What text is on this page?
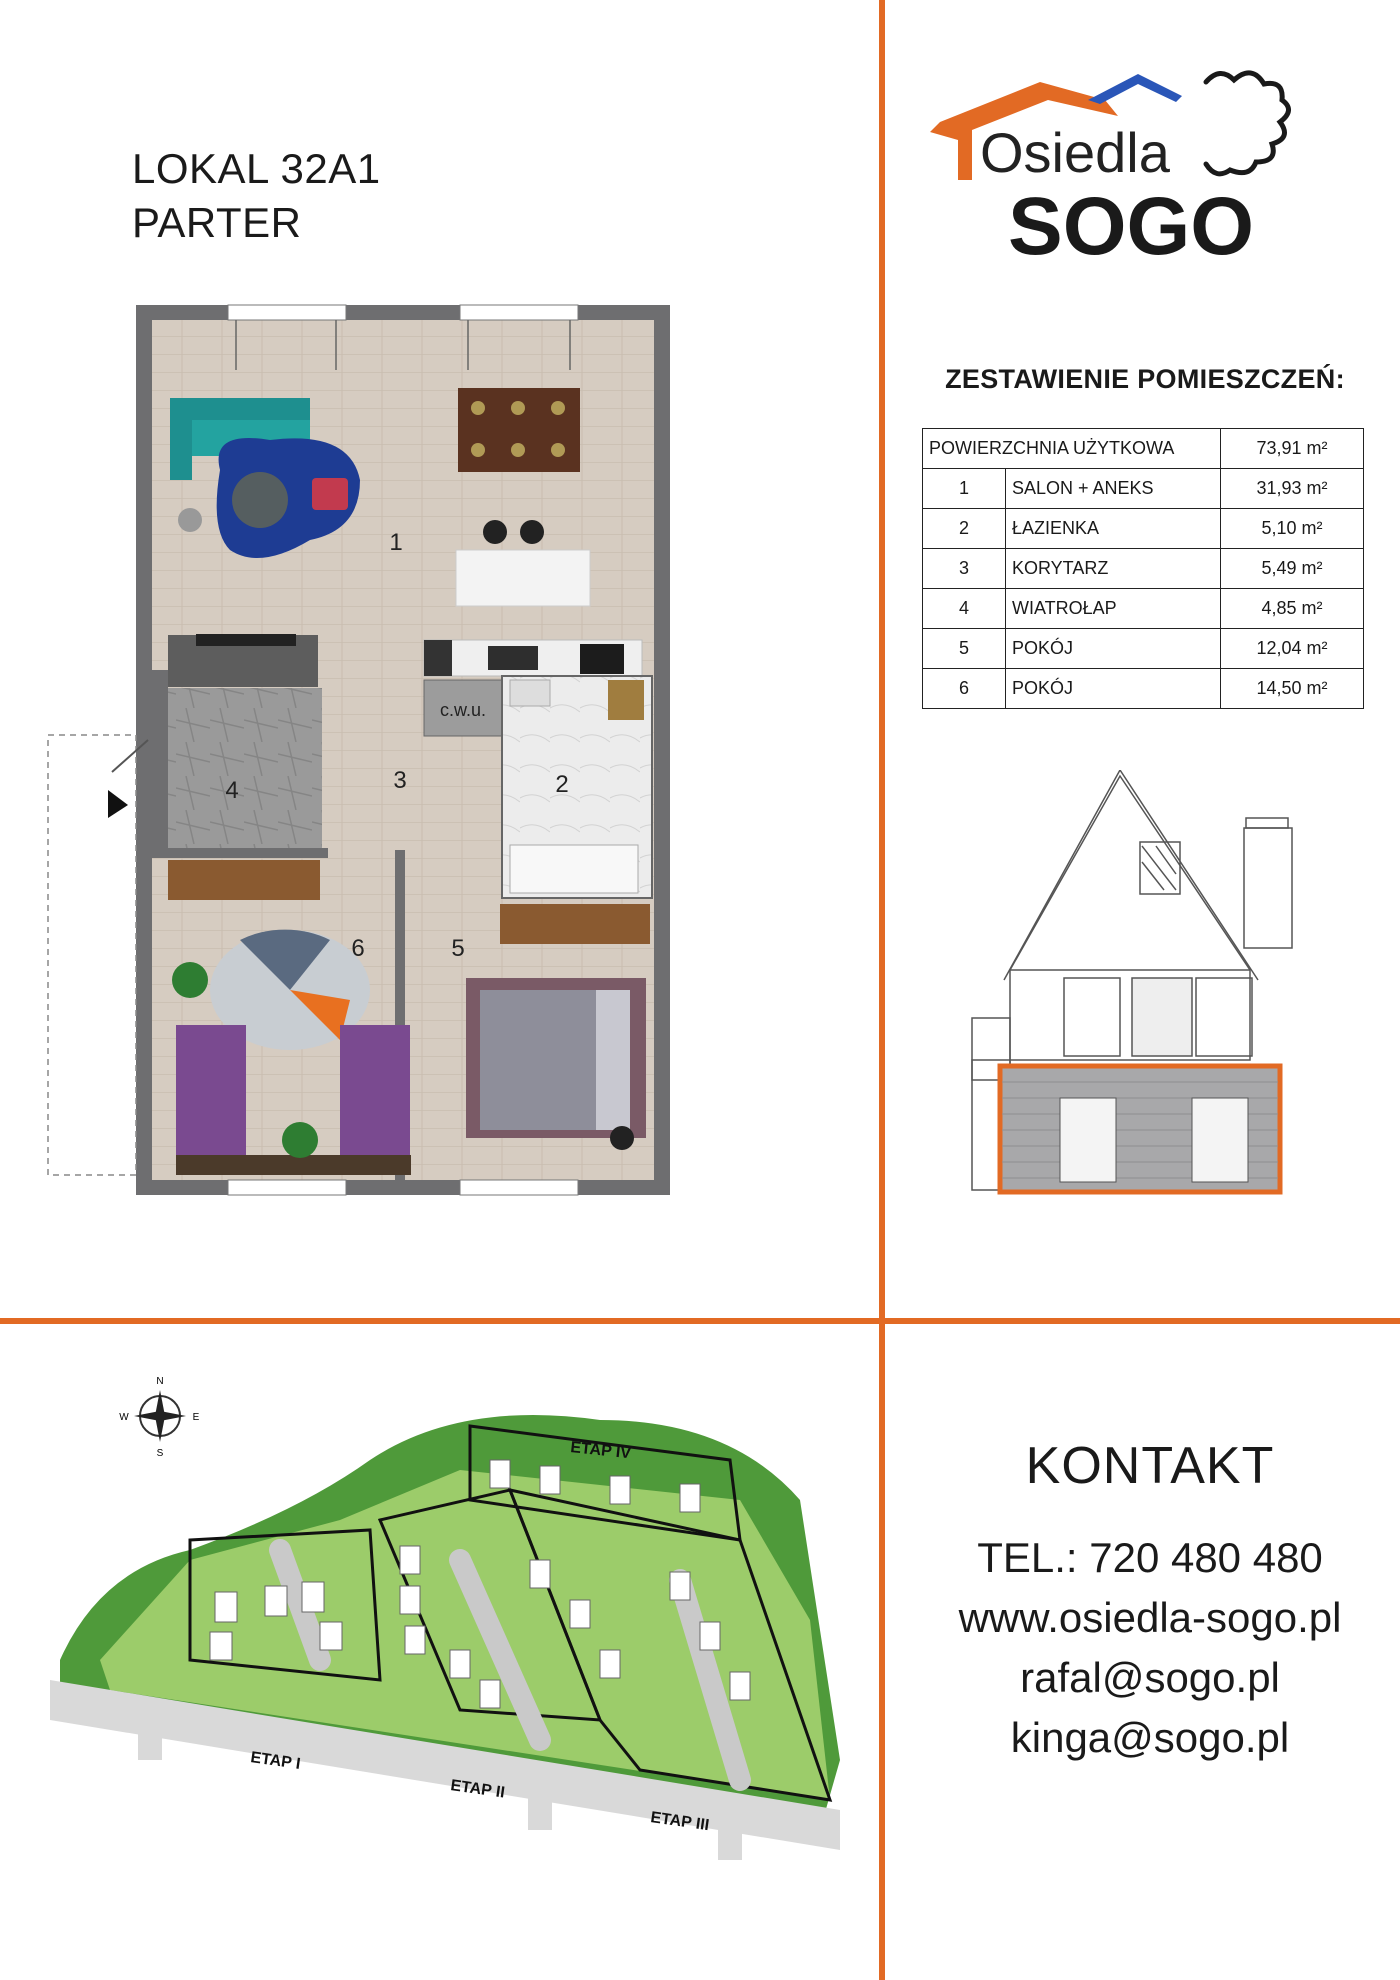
LOKAL 32A1
PARTER
c.w.u.
1
2
3
4
5
6
Osiedla
SOGO
ZESTAWIENIE POMIESZCZEŃ:
POWIERZCHNIA UŻYTKOWA		73,91 m²
1	SALON + ANEKS	31,93 m²
2	ŁAZIENKA	5,10 m²
3	KORYTARZ	5,49 m²
4	WIATROŁAP	4,85 m²
5	POKÓJ	12,04 m²
6	POKÓJ	14,50 m²
N
E
S
W
ETAP I
ETAP II
ETAP III
ETAP IV	KONTAKT
TEL.: 720 480 480
www.osiedla-sogo.pl
rafal@sogo.pl
kinga@sogo.pl
